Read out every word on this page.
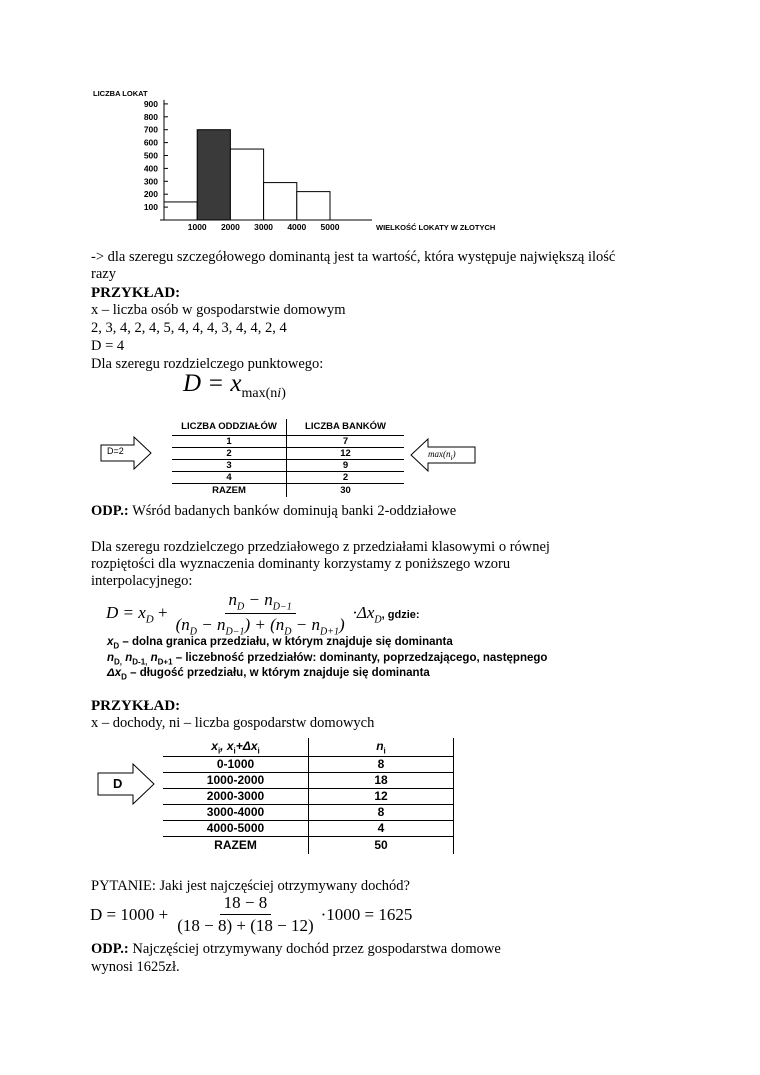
LICZBA LOKAT
900
800
700
600
500
400
300
200
100
1000 2000 3000 4000 5000	WIELKOŚĆ LOKATY W ZŁOTYCH
-> dla szeregu szczegółowego dominantą jest ta wartość, która występuje największą ilość
razy
PRZYKŁAD:
x – liczba osób w gospodarstwie domowym
2, 3, 4, 2, 4, 5, 4, 4, 4, 3, 4, 4, 2, 4
D = 4
Dla szeregu rozdzielczego punktowego:
$D = x_{max(ni)}$
D=2
LICZBA ODDZIAŁÓW	LICZBA BANKÓW
1	7
2	12
3	9
4	2
RAZEM	30
$\max(n_i)$
ODP.: Wśród badanych banków dominują banki 2-oddziałowe
Dla szeregu rozdzielczego przedziałowego z przedziałami klasowymi o równej
rozpiętości dla wyznaczenia dominanty korzystamy z poniższego wzoru
interpolacyjnego:
$D = x_D + \frac{n_D - n_{D-1}}{(n_D - n_{D-1}) + (n_D - n_{D+1})} \cdot\Delta x_D$, gdzie:
$x_D$ – dolna granica przedziału, w którym znajduje się dominanta
$n_{D,}$ $n_{D-1,}$ $n_{D+1}$ – liczebność przedziałów: dominanty, poprzedzającego, następnego
$\Delta x_D$ – długość przedziału, w którym znajduje się dominanta
PRZYKŁAD:
x – dochody, ni – liczba gospodarstw domowych
D
$x_i$, $x_i+\Delta x_i$	$n_i$
0-1000	8
1000-2000	18
2000-3000	12
3000-4000	8
4000-5000	4
RAZEM	50
PYTANIE: Jaki jest najczęściej otrzymywany dochód?
$D = 1000 + \frac{18 - 8}{(18 - 8) + (18 - 12)} \cdot 1000 = 1625$
ODP.: Najczęściej otrzymywany dochód przez gospodarstwa domowe
wynosi 1625zł.
